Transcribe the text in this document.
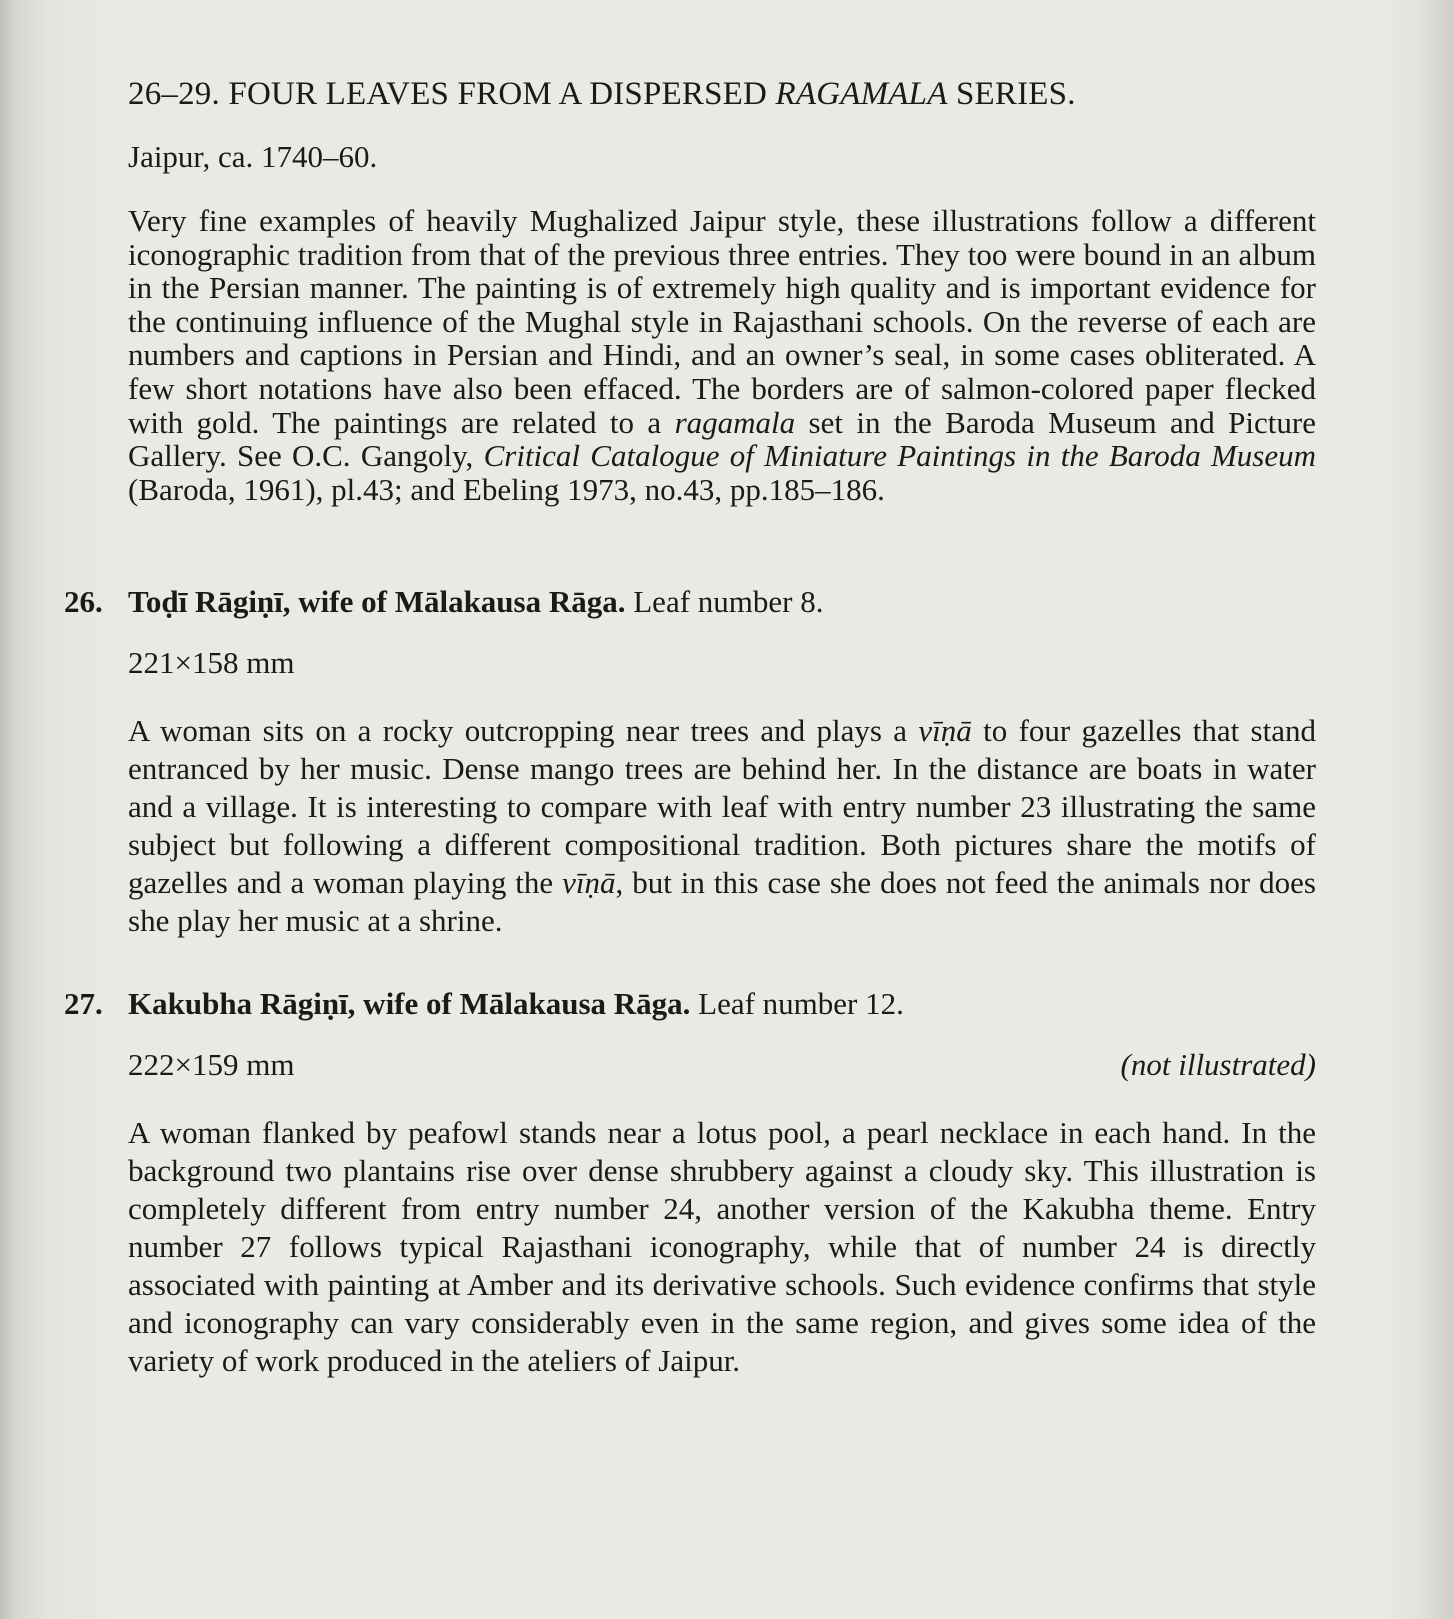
26–29. FOUR LEAVES FROM A DISPERSED RAGAMALA SERIES.
Jaipur, ca. 1740–60.
Very fine examples of heavily Mughalized Jaipur style, these illustrations follow a different iconographic tradition from that of the previous three entries. They too were bound in an album in the Persian manner. The painting is of extremely high quality and is important evidence for the continuing influence of the Mughal style in Rajasthani schools. On the reverse of each are numbers and captions in Persian and Hindi, and an owner’s seal, in some cases obliterated. A few short notations have also been effaced. The borders are of salmon-colored paper flecked with gold. The paintings are related to a ragamala set in the Baroda Museum and Picture Gallery. See O.C. Gangoly, Critical Catalogue of Miniature Paintings in the Baroda Museum (Baroda, 1961), pl.43; and Ebeling 1973, no.43, pp.185–186.
26. Toḍī Rāgiṇī, wife of Mālakausa Rāga. Leaf number 8.
221×158 mm
A woman sits on a rocky outcropping near trees and plays a vīṇā to four gazelles that stand entranced by her music. Dense mango trees are behind her. In the distance are boats in water and a village. It is interesting to compare with leaf with entry number 23 illustrating the same subject but following a different compositional tradition. Both pictures share the motifs of gazelles and a woman playing the vīṇā, but in this case she does not feed the animals nor does she play her music at a shrine.
27. Kakubha Rāgiṇī, wife of Mālakausa Rāga. Leaf number 12.
222×159 mm	(not illustrated)
A woman flanked by peafowl stands near a lotus pool, a pearl necklace in each hand. In the background two plantains rise over dense shrubbery against a cloudy sky. This illustration is completely different from entry number 24, another version of the Kakubha theme. Entry number 27 follows typical Rajasthani iconography, while that of number 24 is directly associated with painting at Amber and its derivative schools. Such evidence confirms that style and iconography can vary considerably even in the same region, and gives some idea of the variety of work produced in the ateliers of Jaipur.
